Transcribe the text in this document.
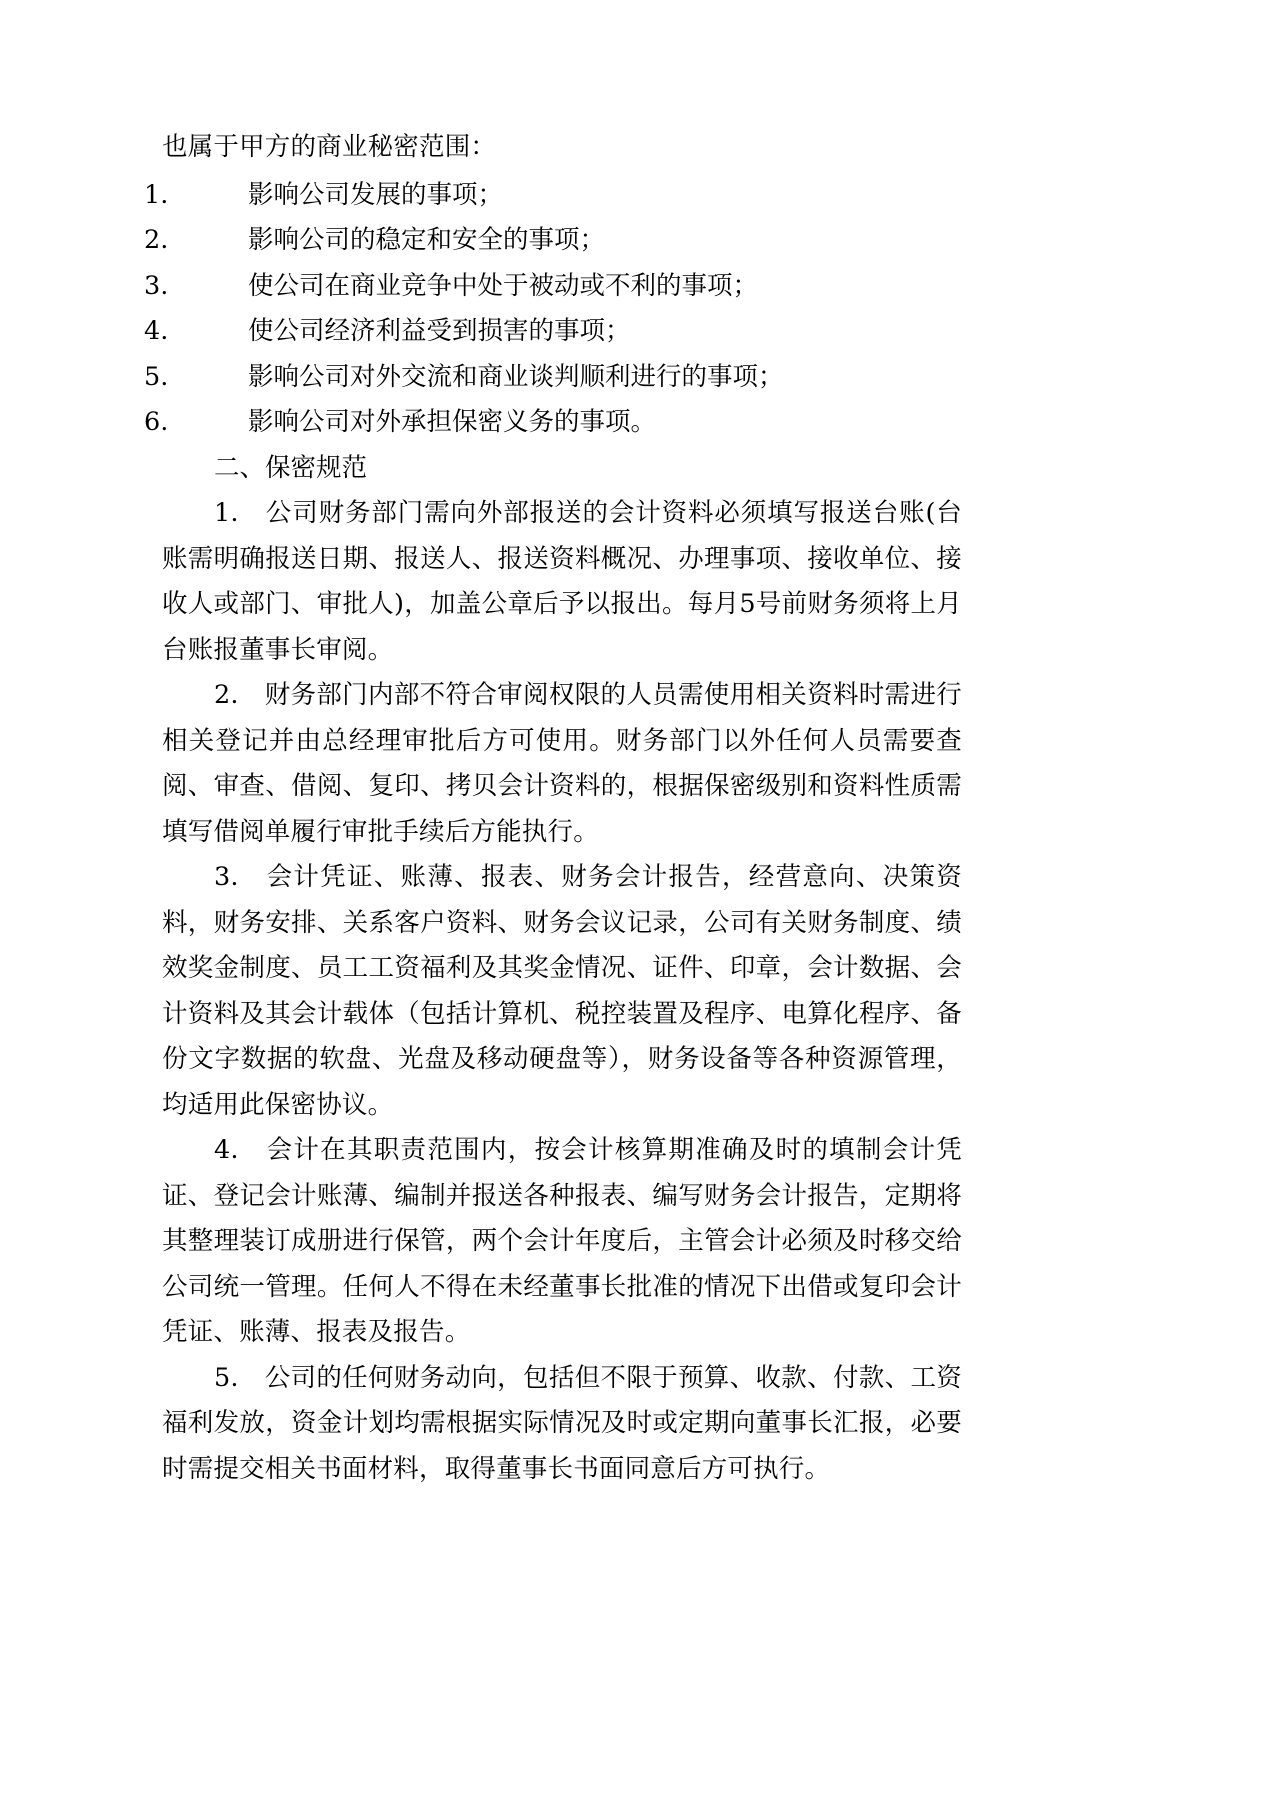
也属于甲方的商业秘密范围：

1.	影响公司发展的事项；
2.	影响公司的稳定和安全的事项；
3.	使公司在商业竞争中处于被动或不利的事项；
4.	使公司经济利益受到损害的事项；
5.	影响公司对外交流和商业谈判顺利进行的事项；
6.	影响公司对外承担保密义务的事项。

二、保密规范

1.　公司财务部门需向外部报送的会计资料必须填写报送台账(台账需明确报送日期、报送人、报送资料概况、办理事项、接收单位、接收人或部门、审批人)，加盖公章后予以报出。每月5号前财务须将上月台账报董事长审阅。

2.　财务部门内部不符合审阅权限的人员需使用相关资料时需进行相关登记并由总经理审批后方可使用。财务部门以外任何人员需要查阅、审查、借阅、复印、拷贝会计资料的，根据保密级别和资料性质需填写借阅单履行审批手续后方能执行。

3.　会计凭证、账薄、报表、财务会计报告，经营意向、决策资料，财务安排、关系客户资料、财务会议记录，公司有关财务制度、绩效奖金制度、员工工资福利及其奖金情况、证件、印章，会计数据、会计资料及其会计载体（包括计算机、税控装置及程序、电算化程序、备份文字数据的软盘、光盘及移动硬盘等），财务设备等各种资源管理，均适用此保密协议。

4.　会计在其职责范围内，按会计核算期准确及时的填制会计凭证、登记会计账薄、编制并报送各种报表、编写财务会计报告，定期将其整理装订成册进行保管，两个会计年度后，主管会计必须及时移交给公司统一管理。任何人不得在未经董事长批准的情况下出借或复印会计凭证、账薄、报表及报告。

5.　公司的任何财务动向，包括但不限于预算、收款、付款、工资福利发放，资金计划均需根据实际情况及时或定期向董事长汇报，必要时需提交相关书面材料，取得董事长书面同意后方可执行。
